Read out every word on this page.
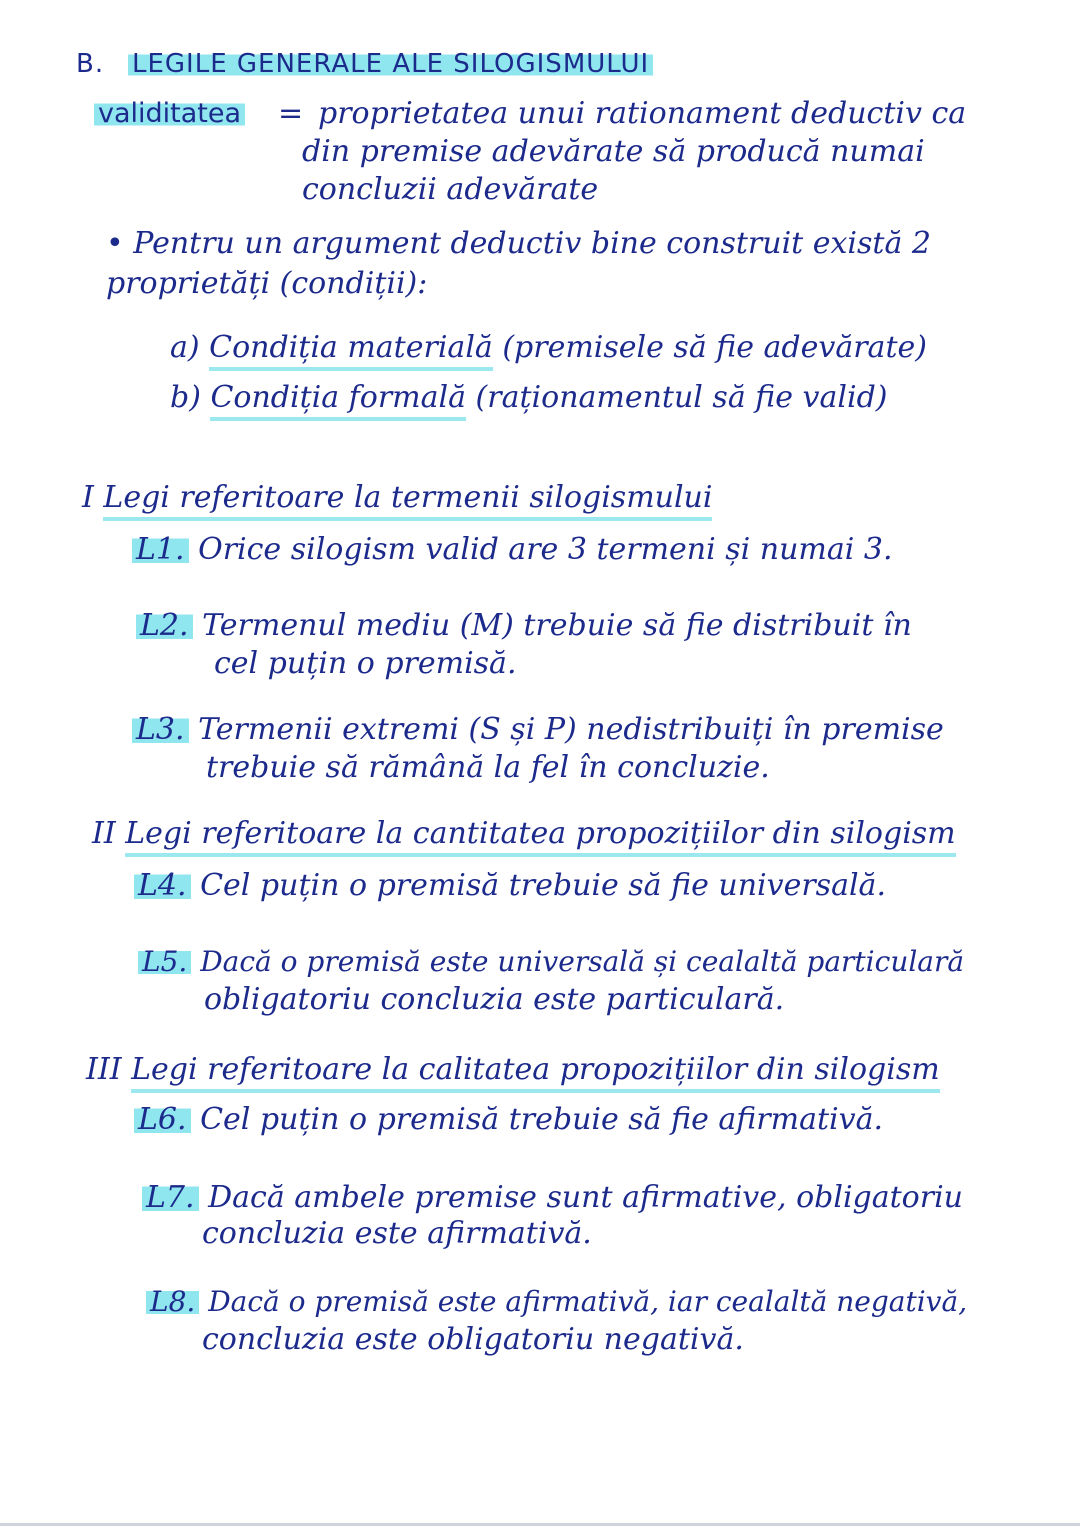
B. LEGILE GENERALE ALE SILOGISMULUI
validitatea = proprietatea unui rationament deductiv ca
din premise adevărate să producă numai
concluzii adevărate
• Pentru un argument deductiv bine construit există 2
proprietăți (condiții):
a) Condiția materială (premisele să fie adevărate)
b) Condiția formală (raționamentul să fie valid)
I Legi referitoare la termenii silogismului
L1. Orice silogism valid are 3 termeni și numai 3.
L2. Termenul mediu (M) trebuie să fie distribuit în
cel puțin o premisă.
L3. Termenii extremi (S și P) nedistribuiți în premise
trebuie să rămână la fel în concluzie.
II Legi referitoare la cantitatea propozițiilor din silogism
L4. Cel puțin o premisă trebuie să fie universală.
L5. Dacă o premisă este universală și cealaltă particulară
obligatoriu concluzia este particulară.
III Legi referitoare la calitatea propozițiilor din silogism
L6. Cel puțin o premisă trebuie să fie afirmativă.
L7. Dacă ambele premise sunt afirmative, obligatoriu
concluzia este afirmativă.
L8. Dacă o premisă este afirmativă, iar cealaltă negativă,
concluzia este obligatoriu negativă.
